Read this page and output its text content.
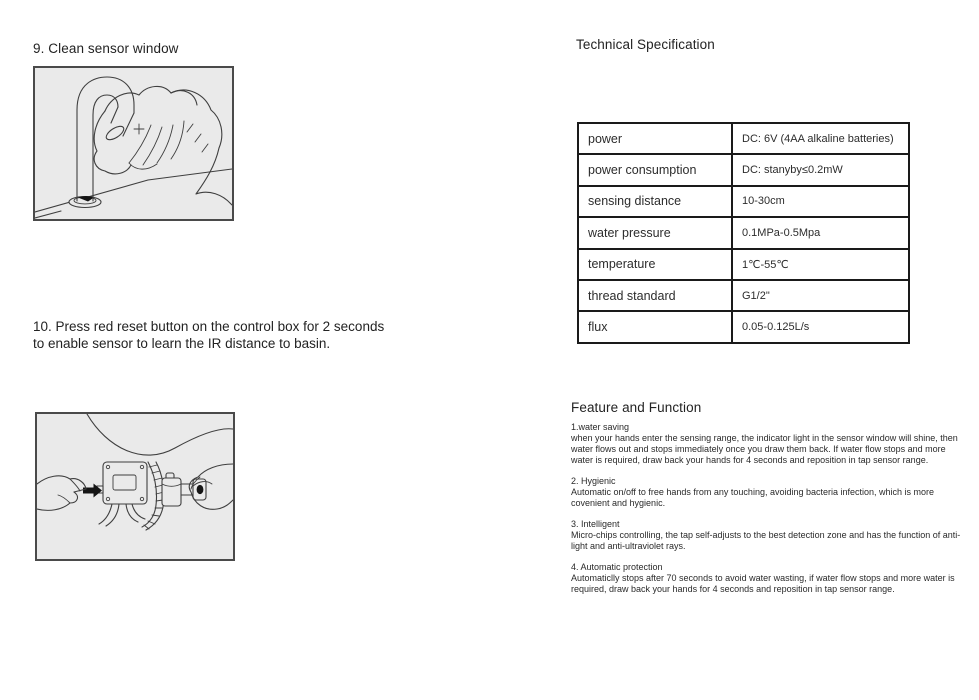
9. Clean sensor window
10. Press red reset button on the control box for 2 seconds to enable sensor to learn the IR distance to basin.
Technical Specification
power	DC: 6V (4AA alkaline batteries)
power consumption	DC: stanyby≤0.2mW
sensing distance	10-30cm
water pressure	0.1MPa-0.5Mpa
temperature	1℃-55℃
thread standard	G1/2"
flux	0.05-0.125L/s
Feature and Function
1.water saving
when your hands enter the sensing range, the indicator light in the sensor window will shine, then water flows out and stops immediately once you draw them back. If water flow stops and more water is required, draw back your hands for 4 seconds and reposition in tap sensor range.
2. Hygienic
Automatic on/off to free hands from any touching, avoiding bacteria infection, which is more covenient and hygienic.
3. Intelligent
Micro-chips controlling, the tap self-adjusts to the best detection zone and has the function of anti-light and anti-ultraviolet rays.
4. Automatic protection
Automaticlly stops after 70 seconds to avoid water wasting, if water flow stops and more water is required, draw back your hands for 4 seconds and reposition in tap sensor range.
